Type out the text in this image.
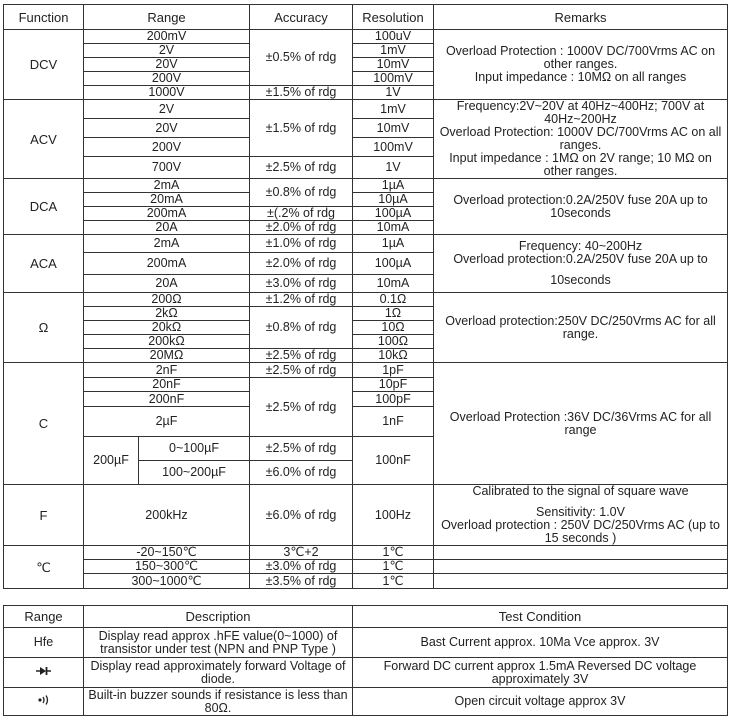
Function	Range		Accuracy	Resolution	Remarks
DCV	200mV		±0.5% of rdg	100uV	Overload Protection : 1000V DC/700Vrms AC on other ranges.
Input impedance : 10MΩ on all ranges
	2V			1mV	
	20V			10mV	
	200V			100mV	
	1000V		±1.5% of rdg	1V	
ACV	2V		±1.5% of rdg	1mV	Frequency:2V~20V at 40Hz~400Hz; 700V at 40Hz~200Hz
Overload Protection: 1000V DC/700Vrms AC on all ranges.
Input impedance : 1MΩ on 2V range; 10 MΩ on other ranges.
	20V			10mV	
	200V			100mV	
	700V		±2.5% of rdg	1V	
DCA	2mA		±0.8% of rdg	1µA	Overload protection:0.2A/250V fuse 20A up to 10seconds
	20mA			10µA	
	200mA		±(.2% of rdg	100µA	
	20A		±2.0% of rdg	10mA	
ACA	2mA		±1.0% of rdg	1µA	Frequency: 40~200Hz
Overload protection:0.2A/250V fuse 20A up to
10seconds
	200mA		±2.0% of rdg	100µA	
	20A		±3.0% of rdg	10mA	
Ω	200Ω		±1.2% of rdg	0.1Ω	Overload protection:250V DC/250Vrms AC for all range.
	2kΩ		±0.8% of rdg	1Ω	
	20kΩ			10Ω	
	200kΩ			100Ω	
	20MΩ		±2.5% of rdg	10kΩ	
C	2nF		±2.5% of rdg	1pF	Overload Protection :36V DC/36Vrms AC for all range
	20nF		±2.5% of rdg	10pF	
	200nF			100pF	
	2µF			1nF	
	200µF	0~100µF	±2.5% of rdg	100nF	
		100~200µF	±6.0% of rdg		
F	200kHz		±6.0% of rdg	100Hz	Calibrated to the signal of square wave
Sensitivity: 1.0V
Overload protection : 250V DC/250Vrms AC (up to 15 seconds )
℃	-20~150℃		3℃+2	1℃	
	150~300℃		±3.0% of rdg	1℃	
	300~1000℃		±3.5% of rdg	1℃	
Range	Description	Test Condition
Hfe	Display read approx .hFE value(0~1000) of transistor under test (NPN and PNP Type )	Bast Current approx. 10Ma Vce approx. 3V
	Display read approximately forward Voltage of diode.	Forward DC current approx 1.5mA Reversed DC voltage approximately 3V
	Built-in buzzer sounds if resistance is less than 80Ω.	Open circuit voltage approx 3V
